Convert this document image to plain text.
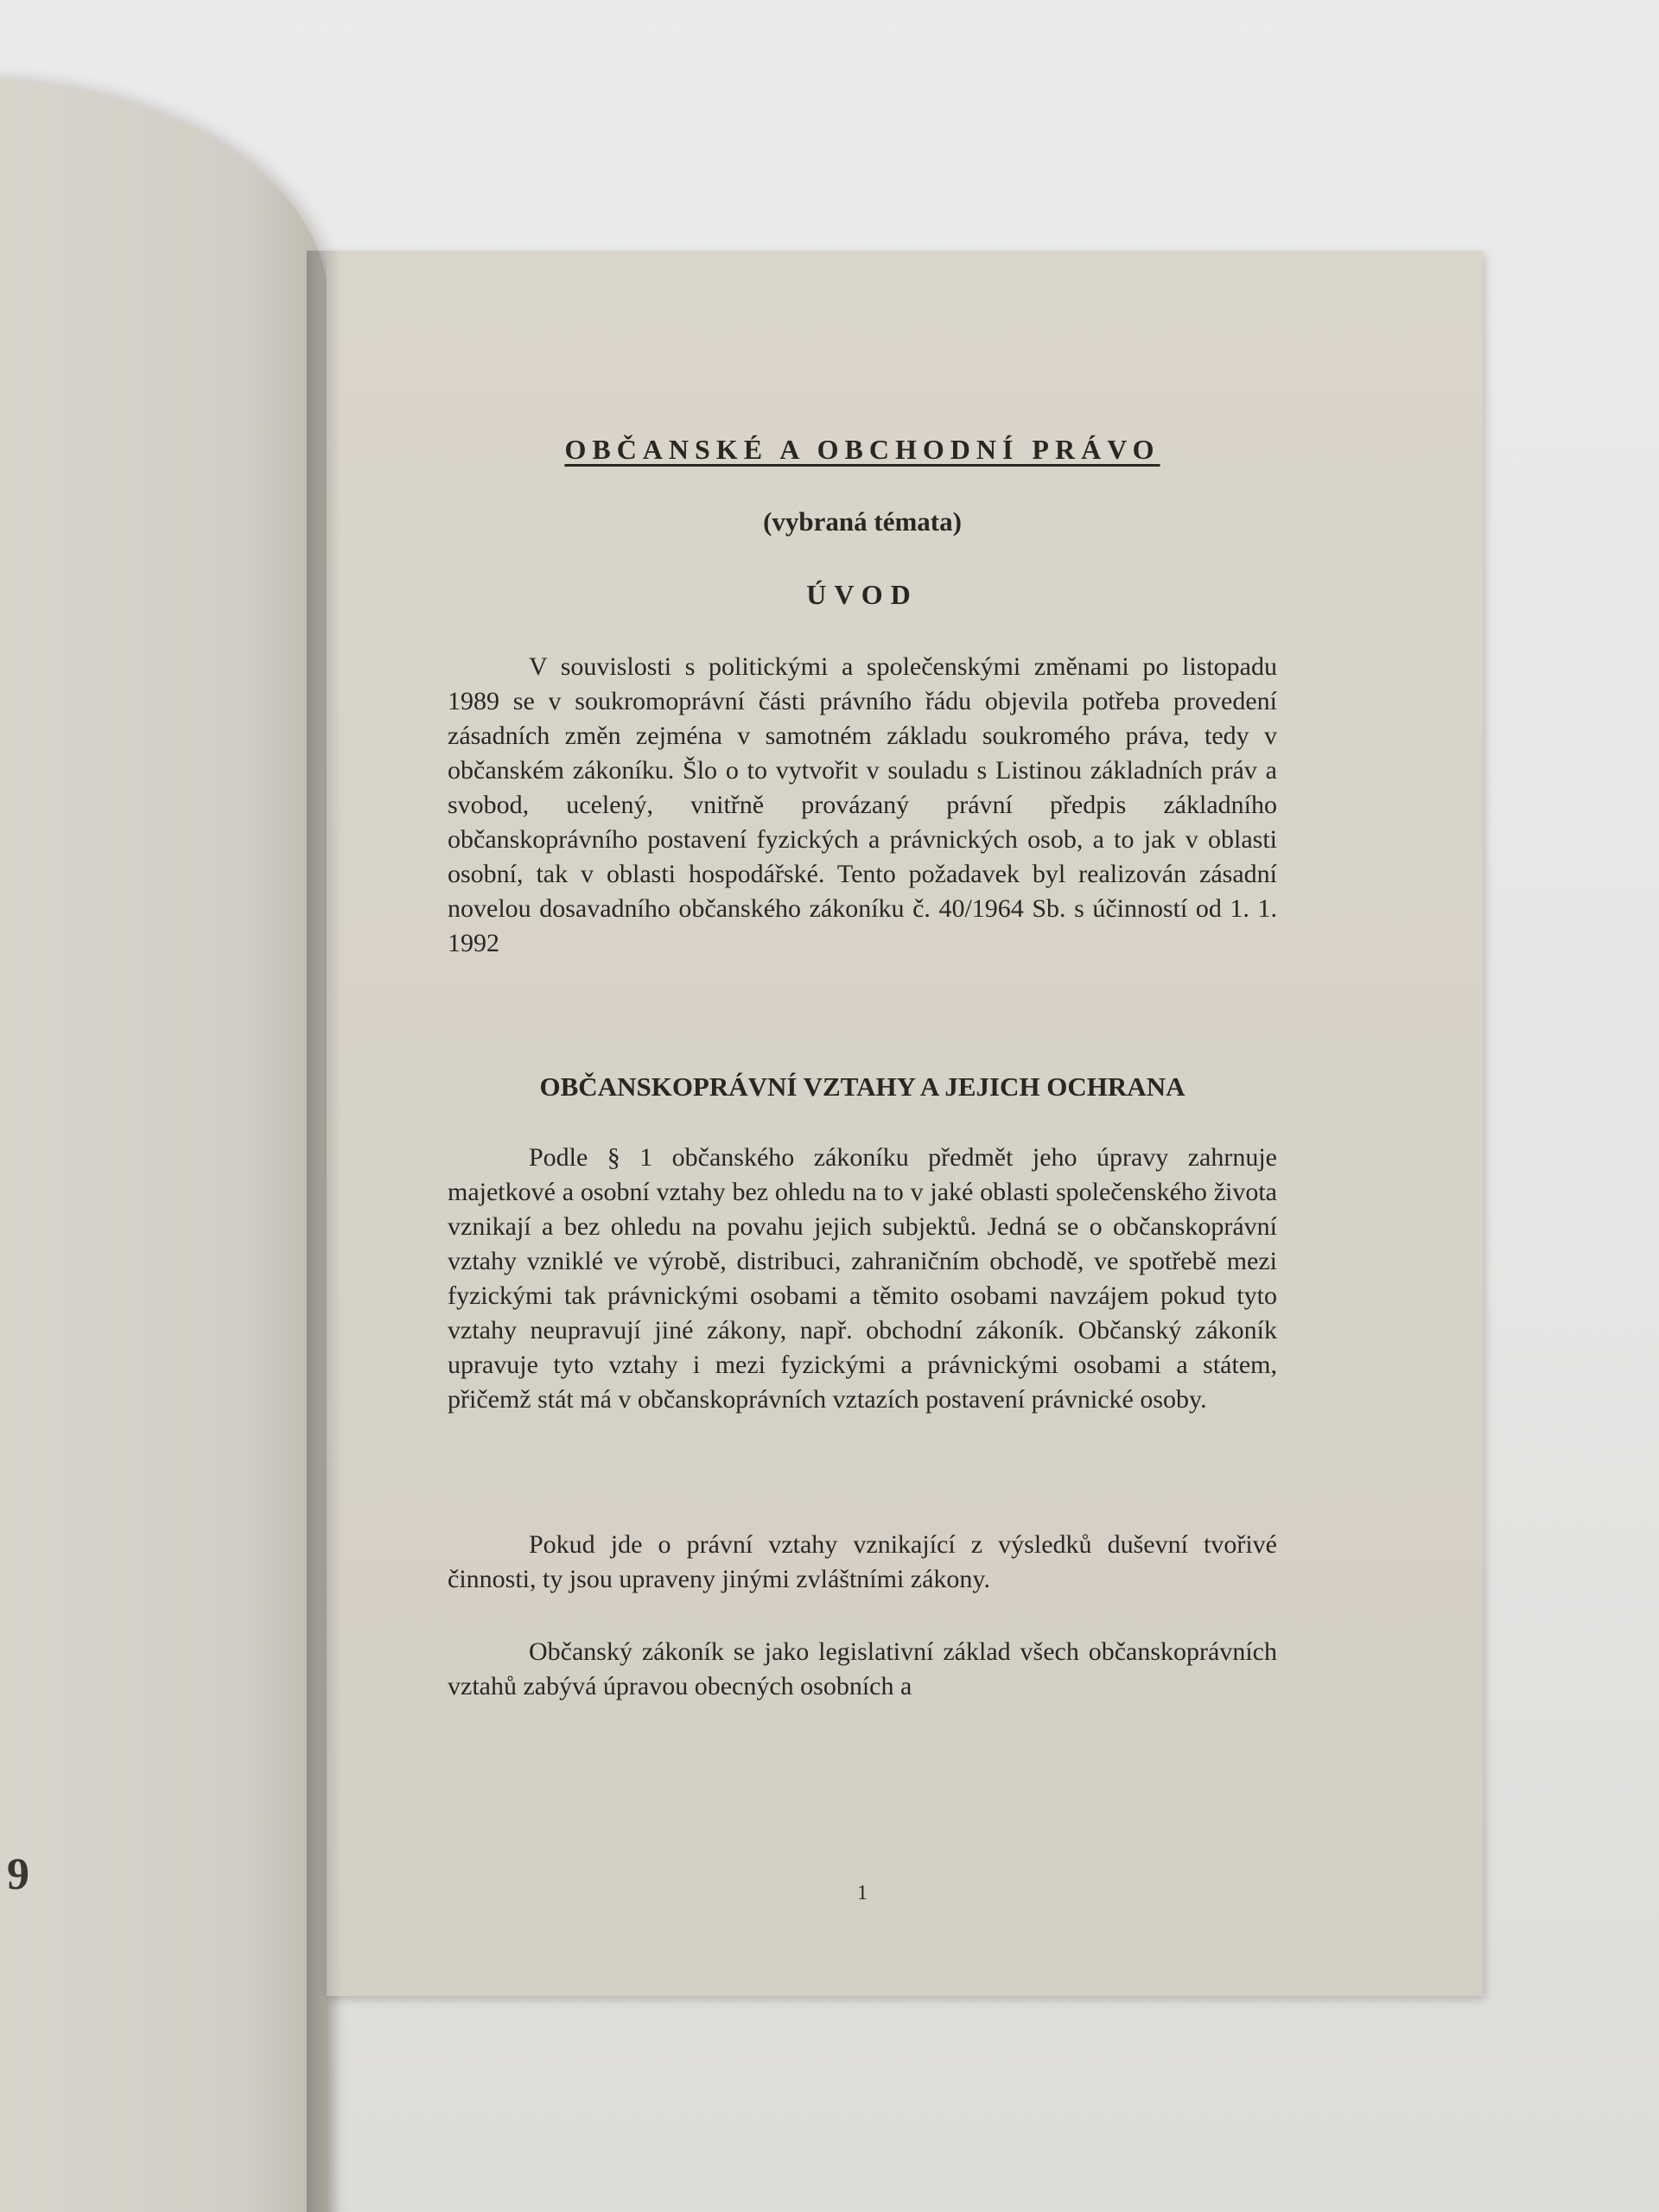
9
OBČANSKÉ A OBCHODNÍ PRÁVO
(vybraná témata)
ÚVOD

V souvislosti s politickými a společenskými změnami po listopadu 1989 se v soukromoprávní části právního řádu objevila potřeba provedení zásadních změn zejména v samotném základu soukromého práva, tedy v občanském zákoníku. Šlo o to vytvořit v souladu s Listinou základních práv a svobod, ucelený, vnitřně provázaný právní předpis základního občanskoprávního postavení fyzických a právnických osob, a to jak v oblasti osobní, tak v oblasti hospodářské. Tento požadavek byl realizován zásadní novelou dosavadního občanského zákoníku č. 40/1964 Sb. s účinností od 1. 1. 1992

OBČANSKOPRÁVNÍ VZTAHY A JEJICH OCHRANA

Podle § 1 občanského zákoníku předmět jeho úpravy zahrnuje majetkové a osobní vztahy bez ohledu na to v jaké oblasti společenského života vznikají a bez ohledu na povahu jejich subjektů. Jedná se o občanskoprávní vztahy vzniklé ve výrobě, distribuci, zahraničním obchodě, ve spotřebě mezi fyzickými tak právnickými osobami a těmito osobami navzájem pokud tyto vztahy neupravují jiné zákony, např. obchodní zákoník. Občanský zákoník upravuje tyto vztahy i mezi fyzickými a právnickými osobami a státem, přičemž stát má v občanskoprávních vztazích postavení právnické osoby.

Pokud jde o právní vztahy vznikající z výsledků duševní tvořivé činnosti, ty jsou upraveny jinými zvláštními zákony.

Občanský zákoník se jako legislativní základ všech občanskoprávních vztahů zabývá úpravou obecných osobních a

1
